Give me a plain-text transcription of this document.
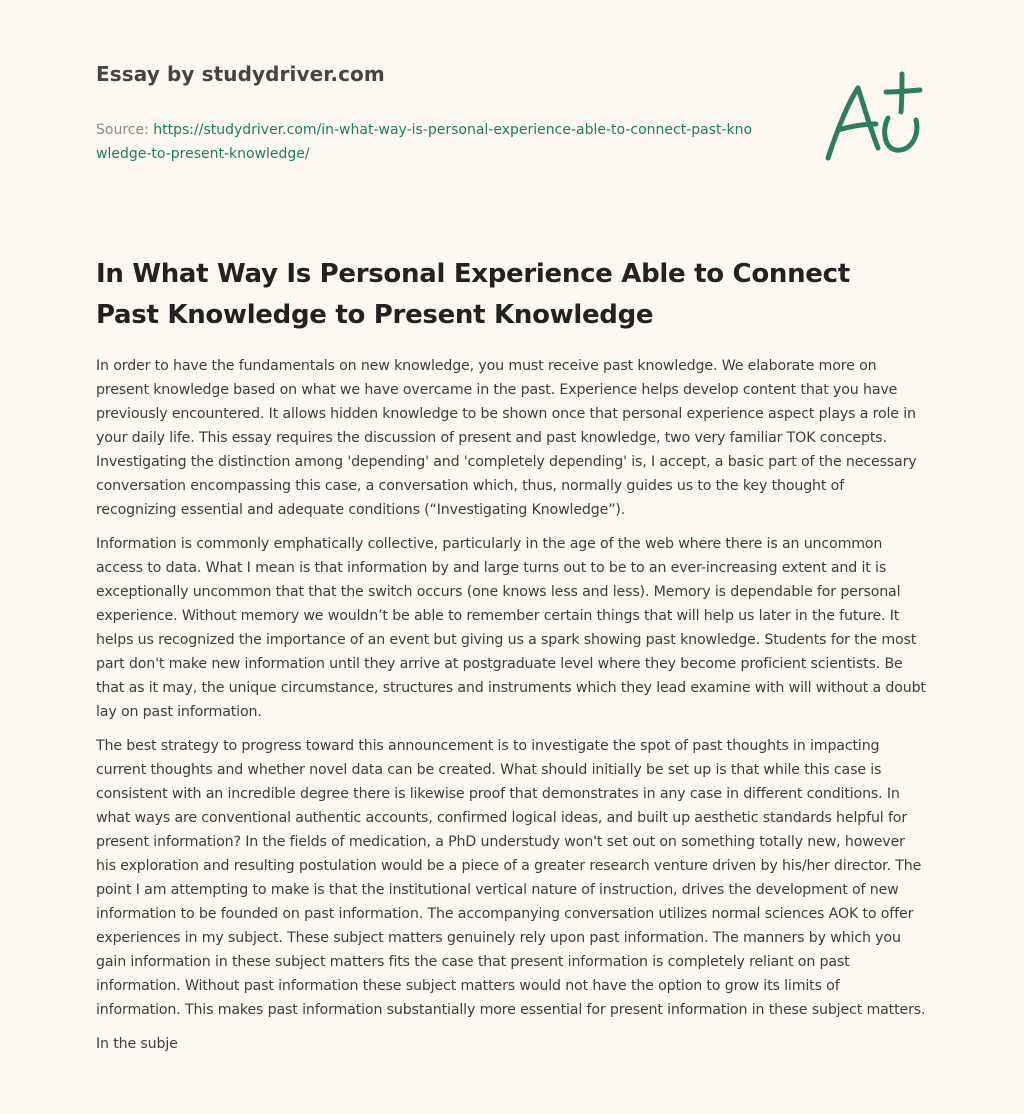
Essay by studydriver.com
Source: https://studydriver.com/in-what-way-is-personal-experience-able-to-connect-past-knowledge-to-present-knowledge/
In What Way Is Personal Experience Able to Connect Past Knowledge to Present Knowledge

In order to have the fundamentals on new knowledge, you must receive past knowledge. We elaborate more on present knowledge based on what we have overcame in the past. Experience helps develop content that you have previously encountered. It allows hidden knowledge to be shown once that personal experience aspect plays a role in your daily life. This essay requires the discussion of present and past knowledge, two very familiar TOK concepts. Investigating the distinction among 'depending' and 'completely depending' is, I accept, a basic part of the necessary conversation encompassing this case, a conversation which, thus, normally guides us to the key thought of recognizing essential and adequate conditions (“Investigating Knowledge”).

Information is commonly emphatically collective, particularly in the age of the web where there is an uncommon access to data. What I mean is that information by and large turns out to be to an ever-increasing extent and it is exceptionally uncommon that that the switch occurs (one knows less and less). Memory is dependable for personal experience. Without memory we wouldn’t be able to remember certain things that will help us later in the future. It helps us recognized the importance of an event but giving us a spark showing past knowledge. Students for the most part don't make new information until they arrive at postgraduate level where they become proficient scientists. Be that as it may, the unique circumstance, structures and instruments which they lead examine with will without a doubt lay on past information.

The best strategy to progress toward this announcement is to investigate the spot of past thoughts in impacting current thoughts and whether novel data can be created. What should initially be set up is that while this case is consistent with an incredible degree there is likewise proof that demonstrates in any case in different conditions. In what ways are conventional authentic accounts, confirmed logical ideas, and built up aesthetic standards helpful for present information? In the fields of medication, a PhD understudy won't set out on something totally new, however his exploration and resulting postulation would be a piece of a greater research venture driven by his/her director. The point I am attempting to make is that the institutional vertical nature of instruction, drives the development of new information to be founded on past information. The accompanying conversation utilizes normal sciences AOK to offer experiences in my subject. These subject matters genuinely rely upon past information. The manners by which you gain information in these subject matters fits the case that present information is completely reliant on past information. Without past information these subject matters would not have the option to grow its limits of information. This makes past information substantially more essential for present information in these subject matters.

In the subje
